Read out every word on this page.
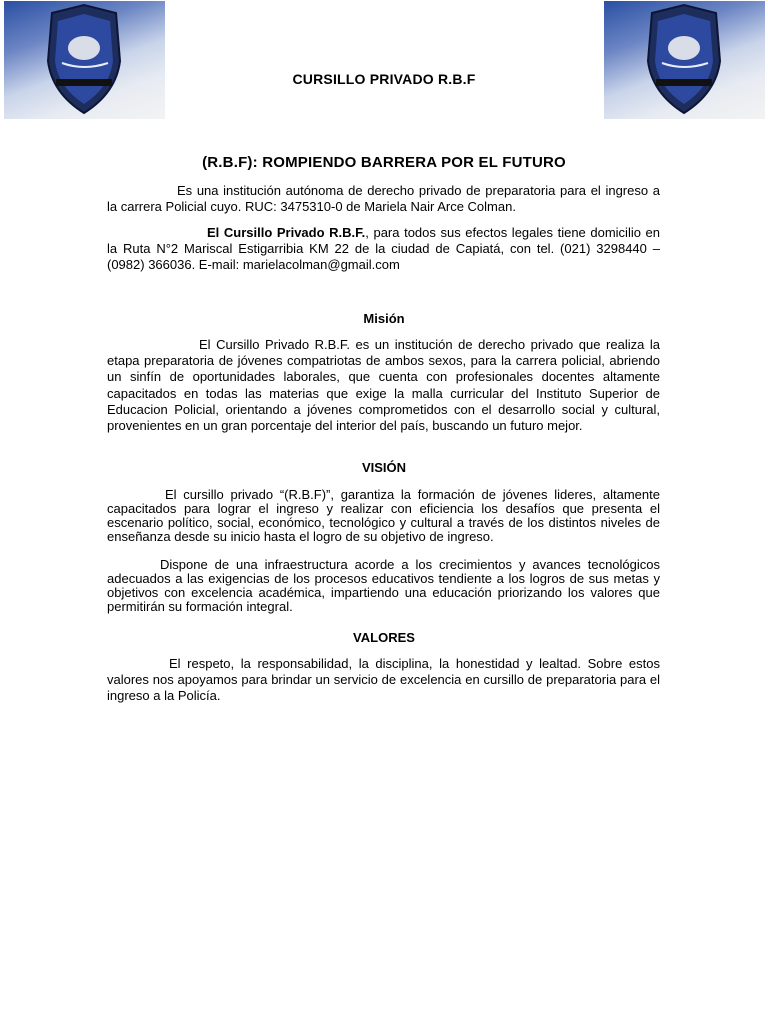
CURSILLO PRIVADO R.B.F
(R.B.F): ROMPIENDO BARRERA POR EL FUTURO

Es una institución autónoma de derecho privado de preparatoria para el ingreso a la carrera Policial cuyo. RUC: 3475310-0 de Mariela Nair Arce Colman.

El Cursillo Privado R.B.F., para todos sus efectos legales tiene domicilio en la Ruta N°2 Mariscal Estigarribia KM 22 de la ciudad de Capiatá, con tel. (021) 3298440 – (0982) 366036. E-mail: marielacolman@gmail.com

Misión

El Cursillo Privado R.B.F. es un institución de derecho privado que realiza la etapa preparatoria de jóvenes compatriotas de ambos sexos, para la carrera policial, abriendo un sinfín de oportunidades laborales, que cuenta con profesionales docentes altamente capacitados en todas las materias que exige la malla curricular del Instituto Superior de Educacion Policial, orientando a jóvenes comprometidos con el desarrollo social y cultural, provenientes en un gran porcentaje del interior del país, buscando un futuro mejor.

VISIÓN

El cursillo privado “(R.B.F)”, garantiza la formación de jóvenes lideres, altamente capacitados para lograr el ingreso y realizar con eficiencia los desafíos que presenta el escenario político, social, económico, tecnológico y cultural a través de los distintos niveles de enseñanza desde su inicio hasta el logro de su objetivo de ingreso.

Dispone de una infraestructura acorde a los crecimientos y avances tecnológicos adecuados a las exigencias de los procesos educativos tendiente a los logros de sus metas y objetivos con excelencia académica, impartiendo una educación priorizando los valores que permitirán su formación integral.

VALORES

El respeto, la responsabilidad, la disciplina, la honestidad y lealtad. Sobre estos valores nos apoyamos para brindar un servicio de excelencia en cursillo de preparatoria para el ingreso a la Policía.
